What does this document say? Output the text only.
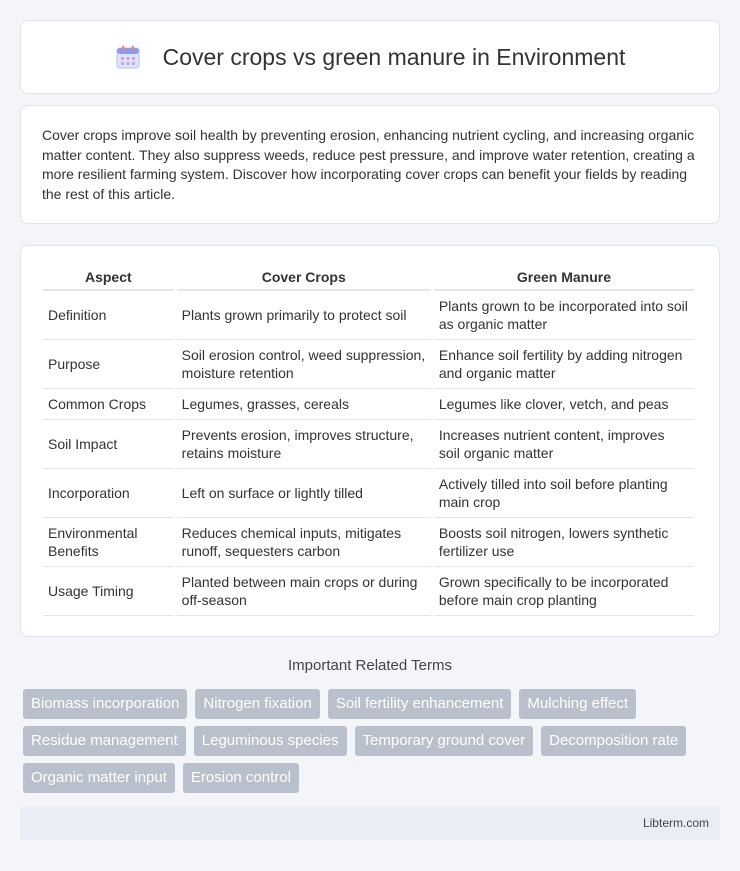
Cover crops vs green manure in Environment

Cover crops improve soil health by preventing erosion, enhancing nutrient cycling, and increasing organic matter content. They also suppress weeds, reduce pest pressure, and improve water retention, creating a more resilient farming system. Discover how incorporating cover crops can benefit your fields by reading the rest of this article.

Aspect	Cover Crops	Green Manure
Definition	Plants grown primarily to protect soil	Plants grown to be incorporated into soil as organic matter
Purpose	Soil erosion control, weed suppression, moisture retention	Enhance soil fertility by adding nitrogen and organic matter
Common Crops	Legumes, grasses, cereals	Legumes like clover, vetch, and peas
Soil Impact	Prevents erosion, improves structure, retains moisture	Increases nutrient content, improves soil organic matter
Incorporation	Left on surface or lightly tilled	Actively tilled into soil before planting main crop
Environmental Benefits	Reduces chemical inputs, mitigates runoff, sequesters carbon	Boosts soil nitrogen, lowers synthetic fertilizer use
Usage Timing	Planted between main crops or during off-season	Grown specifically to be incorporated before main crop planting
Important Related Terms
Biomass incorporation	Nitrogen fixation	Soil fertility enhancement	Mulching effect
Residue management	Leguminous species	Temporary ground cover	Decomposition rate
Organic matter input	Erosion control
Libterm.com
